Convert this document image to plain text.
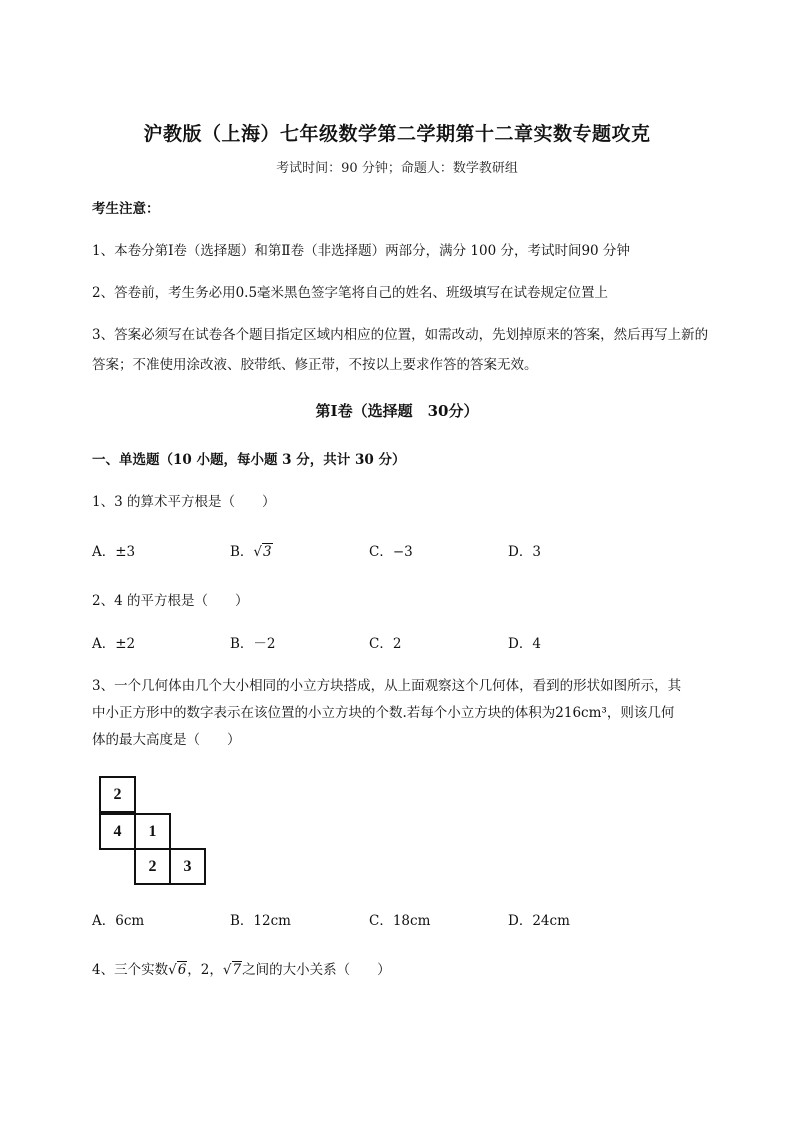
沪教版（上海）七年级数学第二学期第十二章实数专题攻克
考试时间：90 分钟；命题人：数学教研组
考生注意：
1、本卷分第Ⅰ卷（选择题）和第Ⅱ卷（非选择题）两部分，满分 100 分，考试时间90 分钟
2、答卷前，考生务必用0.5毫米黑色签字笔将自己的姓名、班级填写在试卷规定位置上
3、答案必须写在试卷各个题目指定区域内相应的位置，如需改动，先划掉原来的答案，然后再写上新的答案；不准使用涂改液、胶带纸、修正带，不按以上要求作答的答案无效。
第Ⅰ卷（选择题　30分）
一、单选题（10 小题，每小题 3 分，共计 30 分）
1、3 的算术平方根是（　　）
A．±3	B．√3	C．−3	D．3
2、4 的平方根是（　　）
A．±2	B．－2	C．2	D．4
3、一个几何体由几个大小相同的小立方块搭成，从上面观察这个几何体，看到的形状如图所示，其
中小正方形中的数字表示在该位置的小立方块的个数.若每个小立方块的体积为216cm³，则该几何
体的最大高度是（　　）
2
4	1
2	3
A．6cm	B．12cm	C．18cm	D．24cm
4、三个实数√6，2，√7之间的大小关系（　　）
